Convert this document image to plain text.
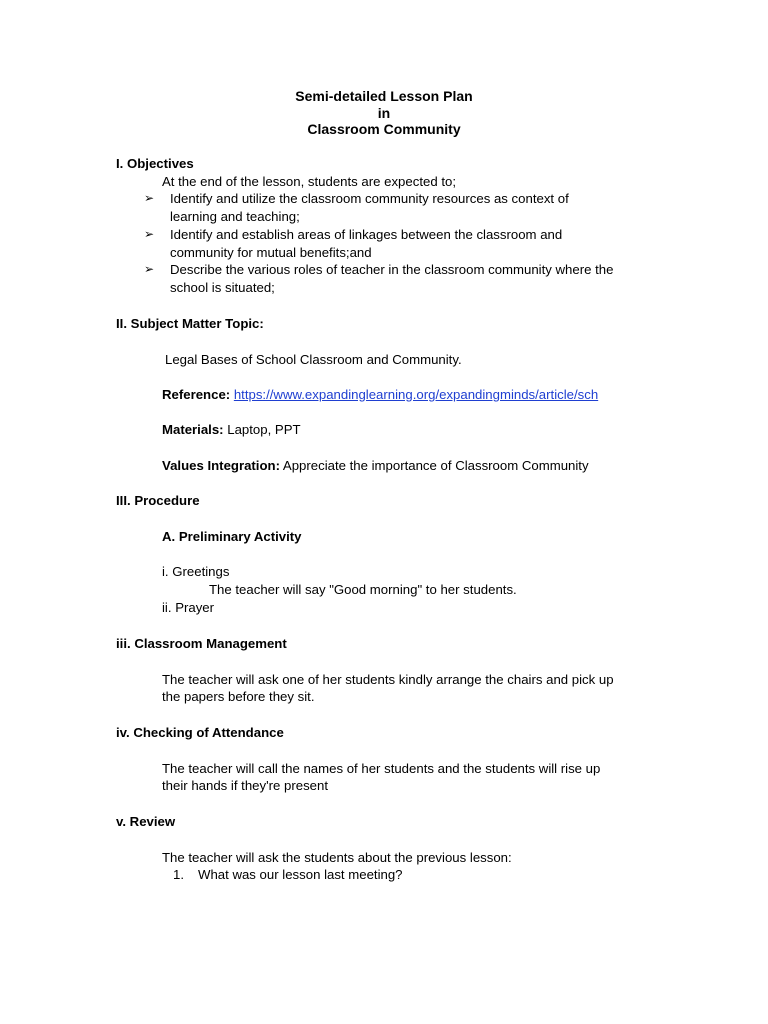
Semi-detailed Lesson Plan

in

Classroom Community

I. Objectives

At the end of the lesson, students are expected to;

➢ Identify and utilize the classroom community resources as context of

learning and teaching;

➢ Identify and establish areas of linkages between the classroom and

community for mutual benefits;and

➢ Describe the various roles of teacher in the classroom community where the

school is situated;

II. Subject Matter Topic:

Legal Bases of School Classroom and Community.

Reference: https://www.expandinglearning.org/expandingminds/article/sch

Materials: Laptop, PPT

Values Integration: Appreciate the importance of Classroom Community

III. Procedure

A. Preliminary Activity

i. Greetings

The teacher will say "Good morning" to her students.

ii. Prayer

iii. Classroom Management

The teacher will ask one of her students kindly arrange the chairs and pick up

the papers before they sit.

iv. Checking of Attendance

The teacher will call the names of her students and the students will rise up

their hands if they're present

v. Review

The teacher will ask the students about the previous lesson:

1. What was our lesson last meeting?
